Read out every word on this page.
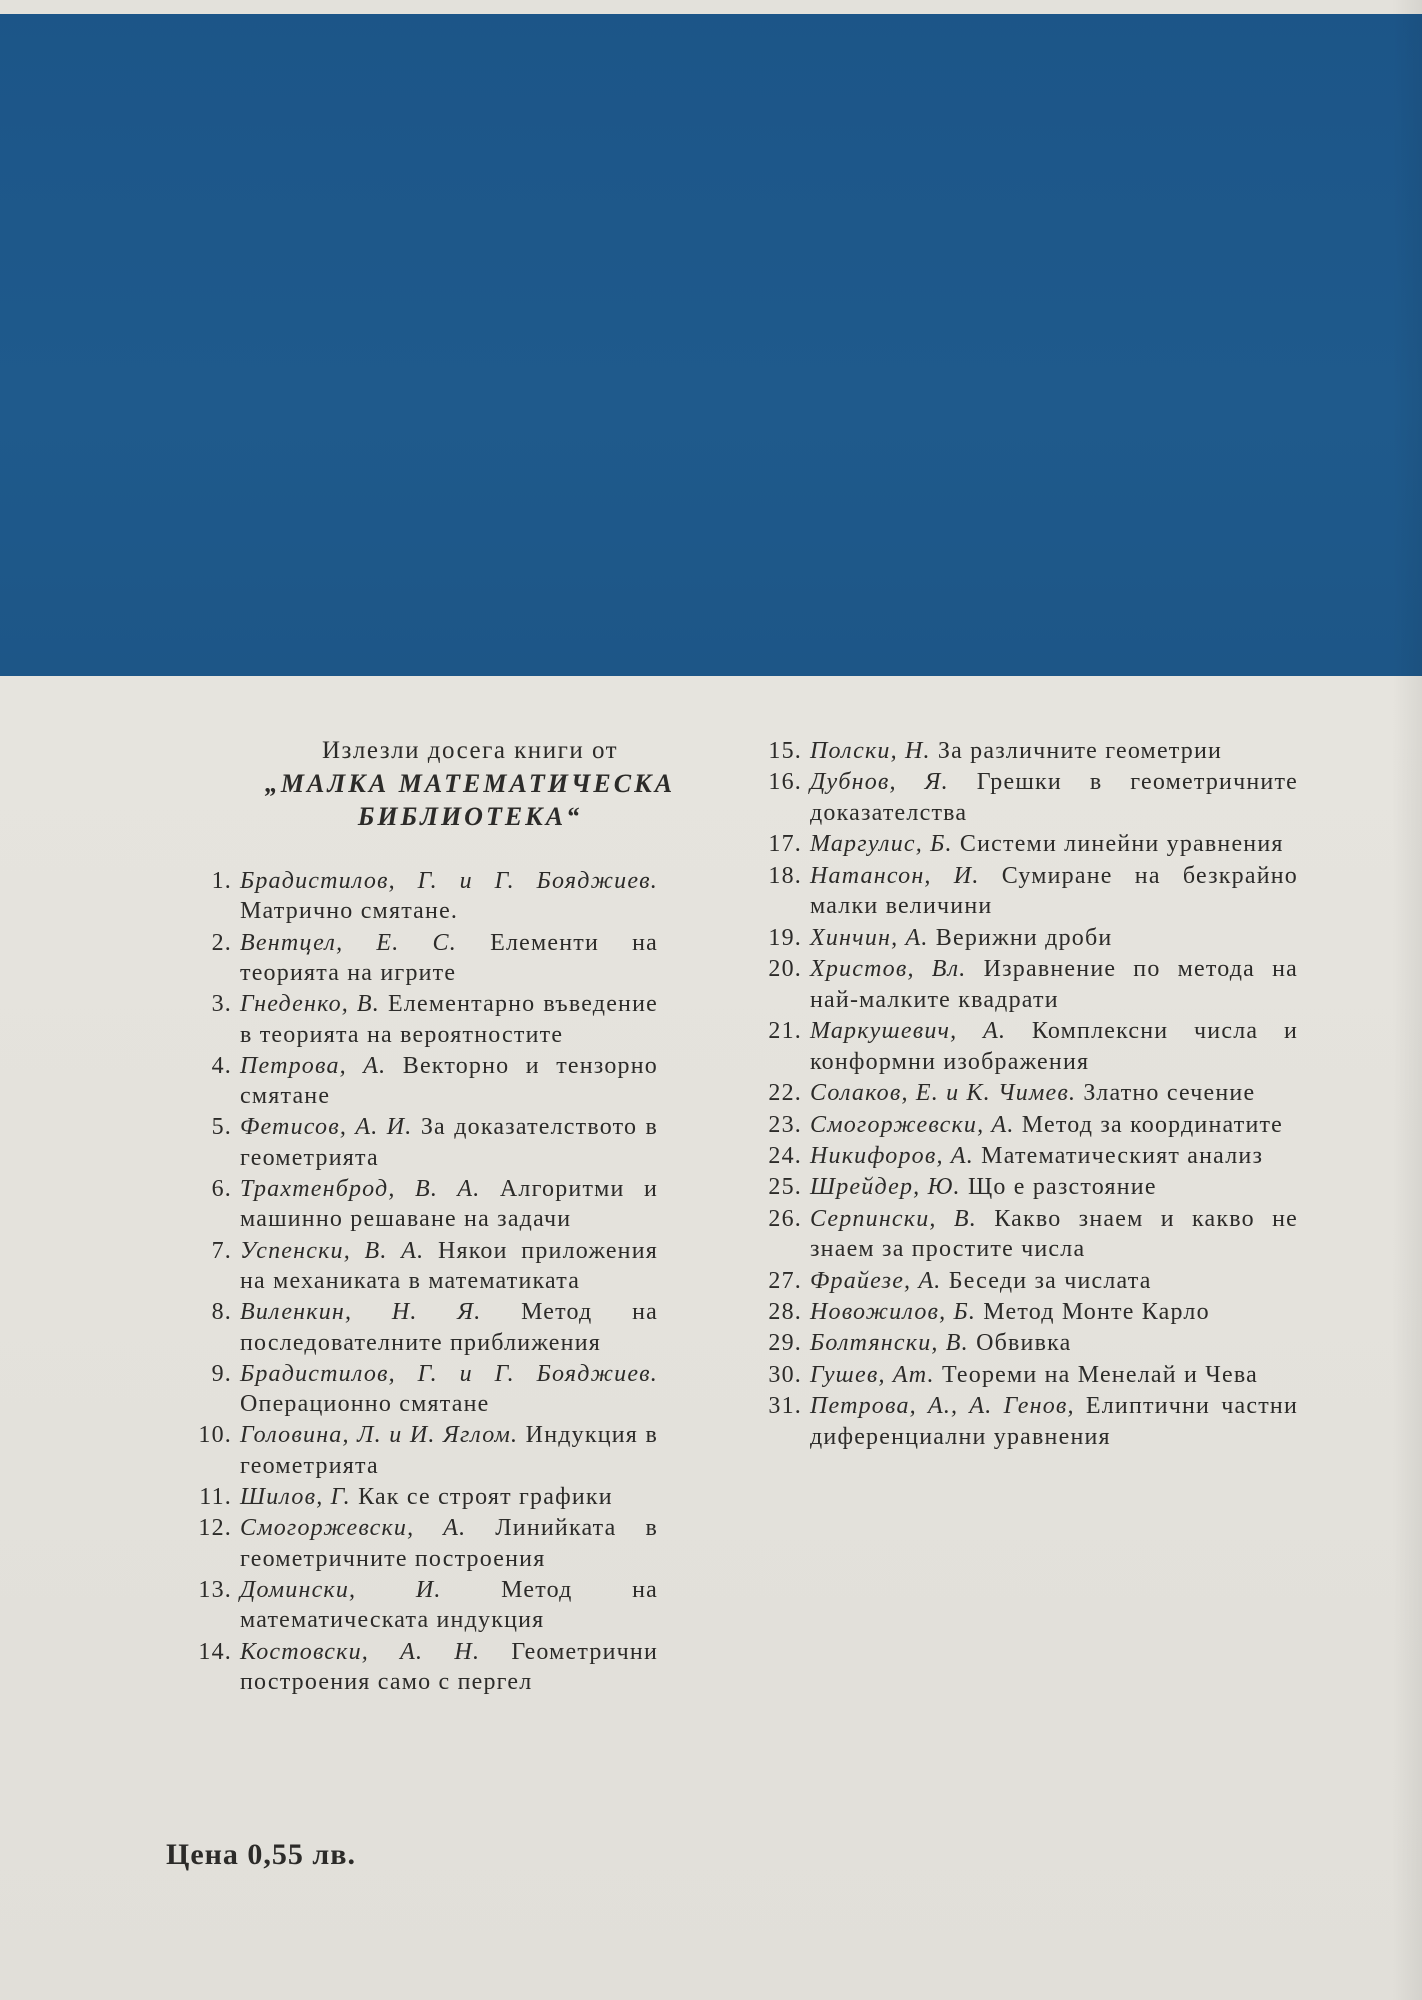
Излезли досега книги от
„МАЛКА МАТЕМАТИЧЕСКА
БИБЛИОТЕКА“
1. Брадистилов, Г. и Г. Бояджиев. Матрично смятане.
2. Вентцел, Е. С. Елементи на теорията на игрите
3. Гнеденко, В. Елементарно въведение в теорията на вероятностите
4. Петрова, А. Векторно и тензорно смятане
5. Фетисов, А. И. За доказателството в геометрията
6. Трахтенброд, В. А. Алгоритми и машинно решаване на задачи
7. Успенски, В. А. Някои приложения на механиката в математиката
8. Виленкин, Н. Я. Метод на последователните приближения
9. Брадистилов, Г. и Г. Бояджиев. Операционно смятане
10. Головина, Л. и И. Яглом. Индукция в геометрията
11. Шилов, Г. Как се строят графики
12. Смогоржевски, А. Линийката в геометричните построения
13. Домински, И. Метод на математическата индукция
14. Костовски, А. Н. Геометрични построения само с пергел
15. Полски, Н. За различните геометрии
16. Дубнов, Я. Грешки в геометричните доказателства
17. Маргулис, Б. Системи линейни уравнения
18. Натансон, И. Сумиране на безкрайно малки величини
19. Хинчин, А. Верижни дроби
20. Христов, Вл. Изравнение по метода на най-малките квадрати
21. Маркушевич, А. Комплексни числа и конформни изображения
22. Солаков, Е. и К. Чимев. Златно сечение
23. Смогоржевски, А. Метод за координатите
24. Никифоров, А. Математическият анализ
25. Шрейдер, Ю. Що е разстояние
26. Серпински, В. Какво знаем и какво не знаем за простите числа
27. Фрайезе, А. Беседи за числата
28. Новожилов, Б. Метод Монте Карло
29. Болтянски, В. Обвивка
30. Гушев, Ат. Теореми на Менелай и Чева
31. Петрова, А., А. Генов, Елиптични частни диференциални уравнения
Цена 0,55 лв.
